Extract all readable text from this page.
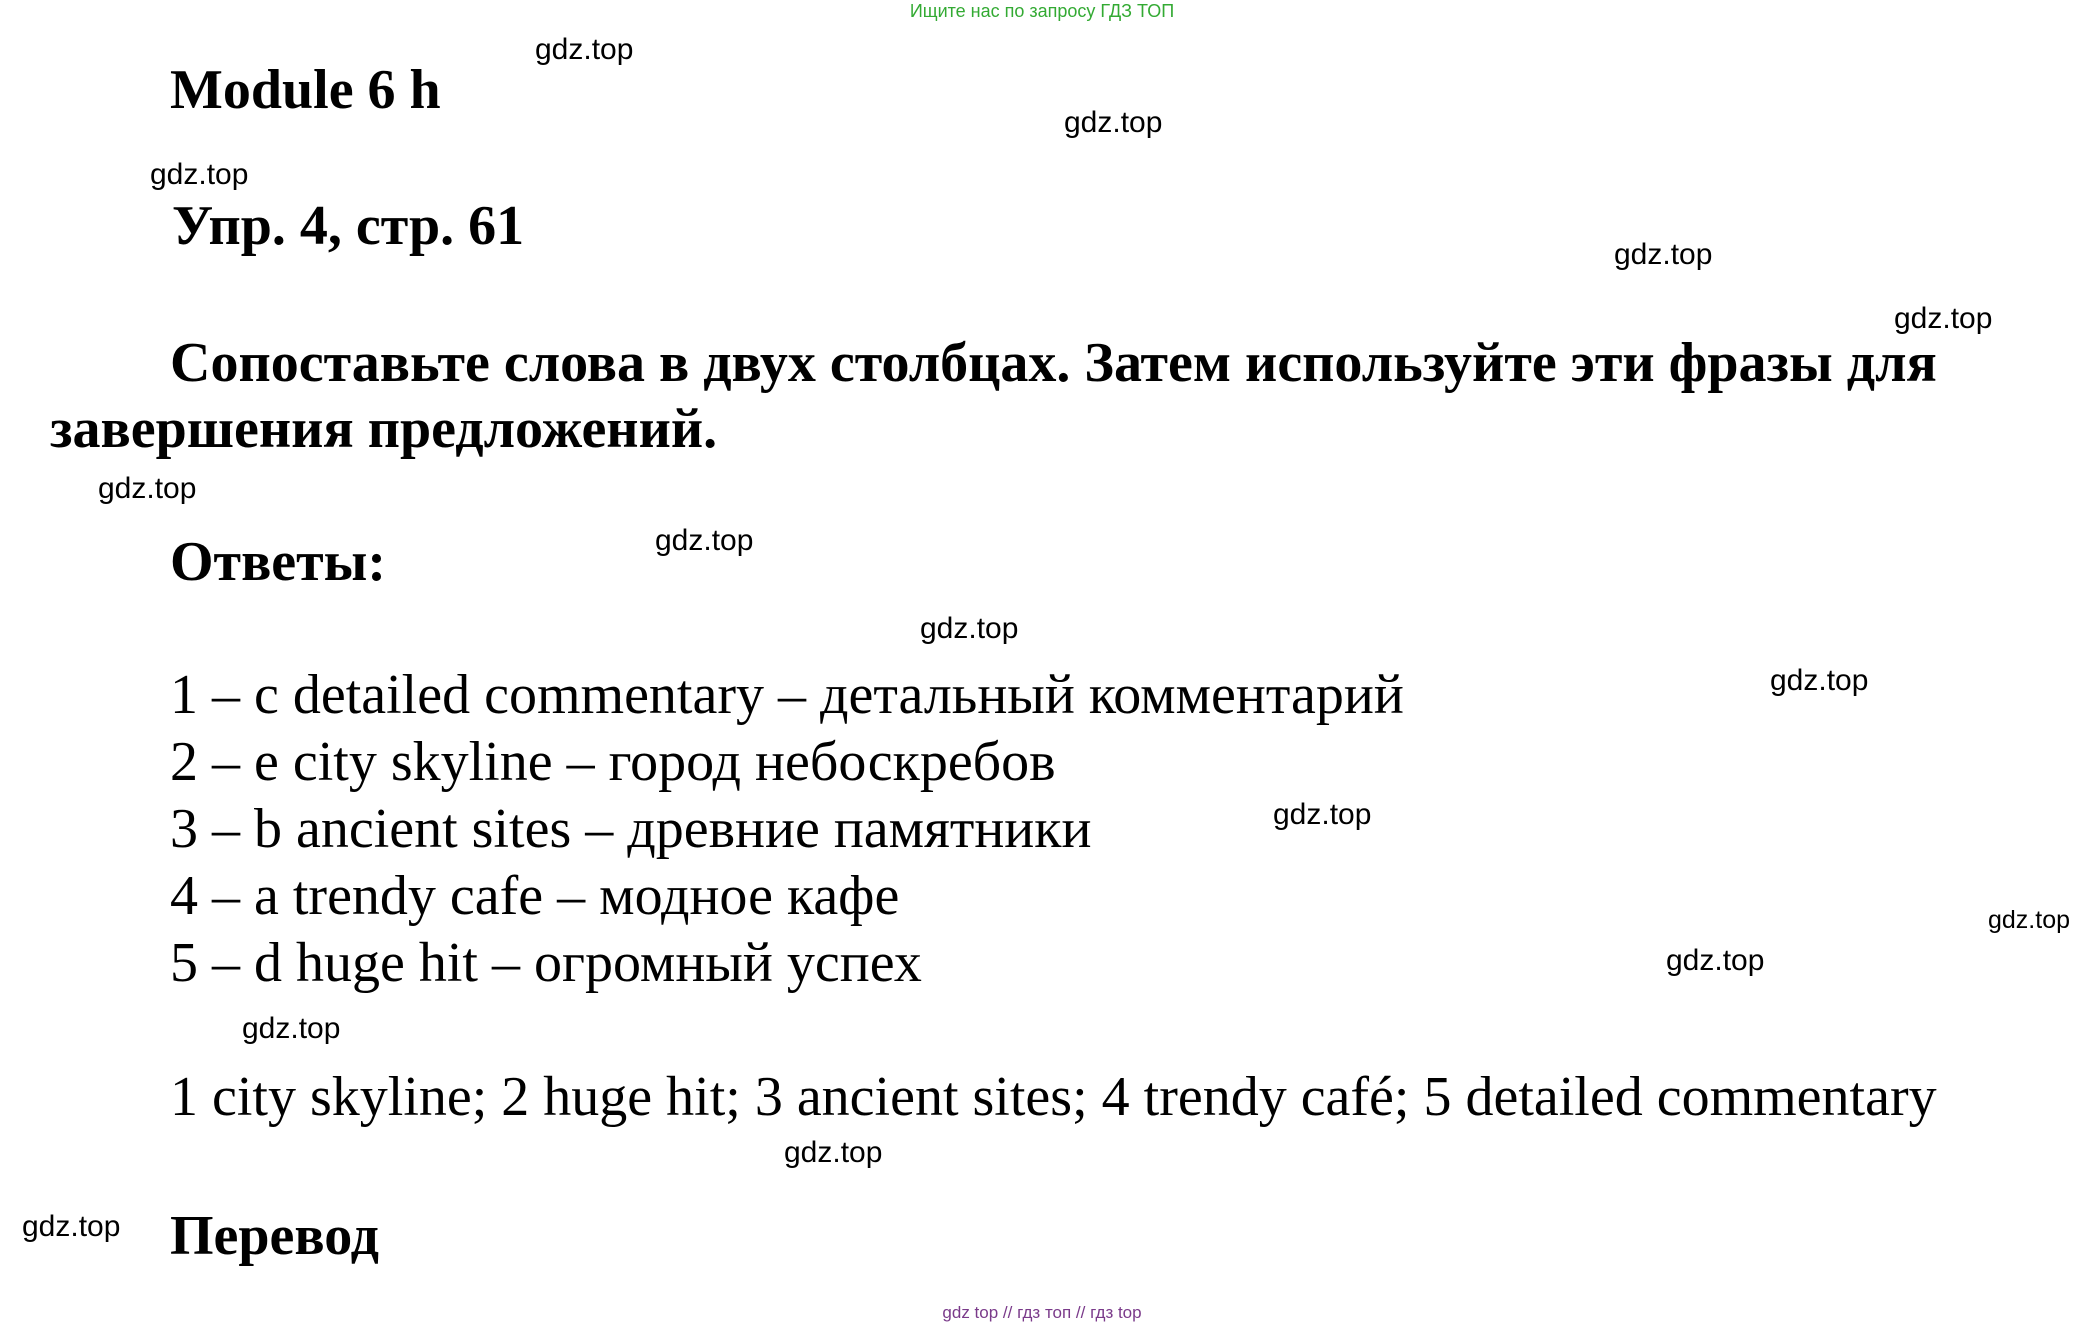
Ищите нас по запросу ГДЗ ТОП
Module 6 h
Упр. 4, стр. 61
Сопоставьте слова в двух столбцах. Затем используйте эти фразы для
завершения предложений.
Ответы:
1 – c detailed commentary – детальный комментарий
2 – e city skyline – город небоскребов
3 – b ancient sites – древние памятники
4 – a trendy cafe – модное кафе
5 – d huge hit – огромный успех
1 city skyline; 2 huge hit; 3 ancient sites; 4 trendy café; 5 detailed commentary
Перевод
gdz.top
gdz.top
gdz.top
gdz.top
gdz.top
gdz.top
gdz.top
gdz.top
gdz.top
gdz.top
gdz.top
gdz.top
gdz.top
gdz.top
gdz.top
gdz top // гдз топ // гдз top
